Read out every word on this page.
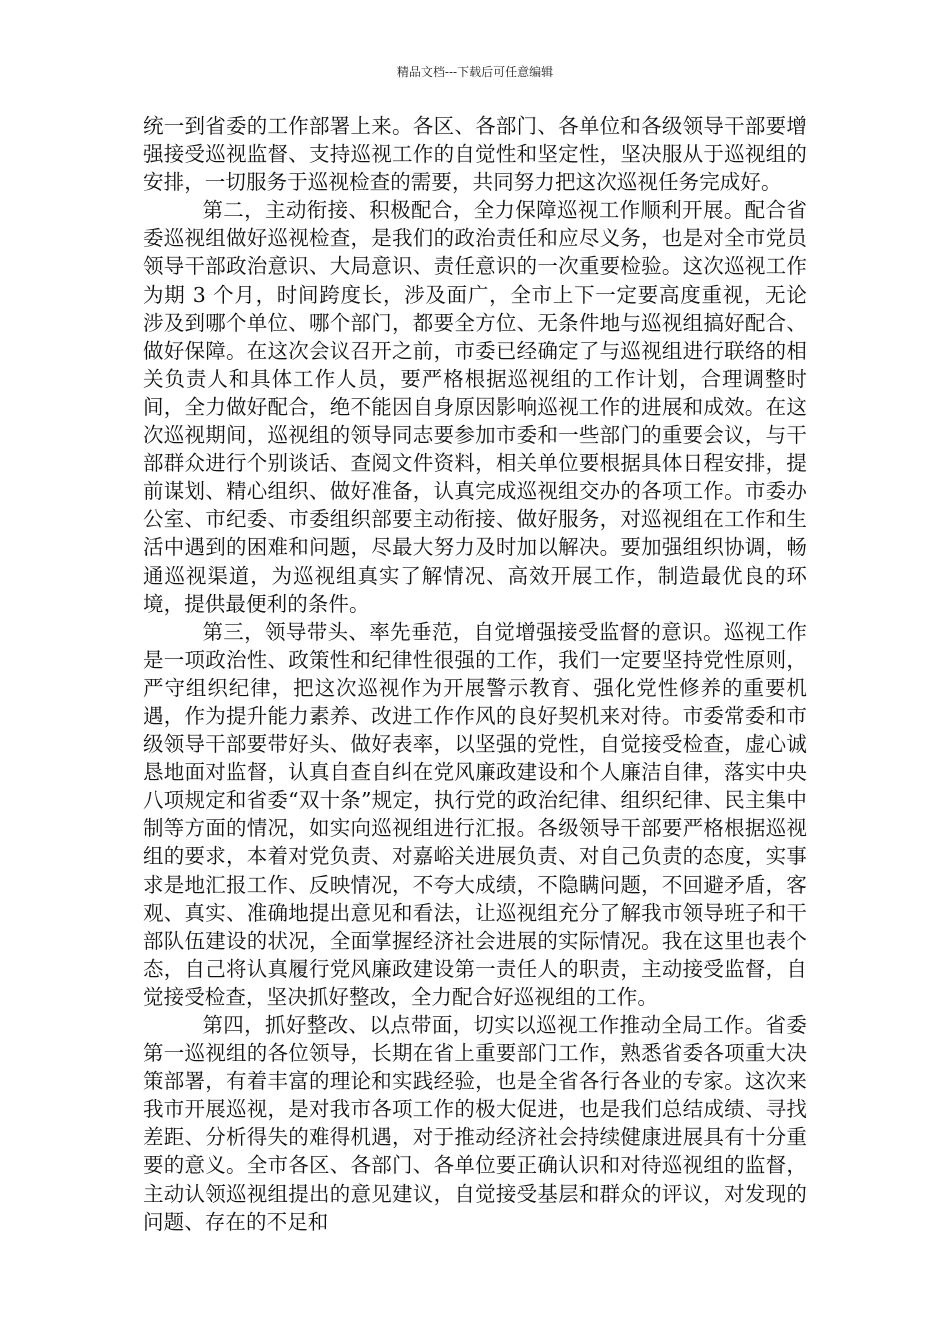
精品文档---下载后可任意编辑

统一到省委的工作部署上来。各区、各部门、各单位和各级领导干部要增强接受巡视监督、支持巡视工作的自觉性和坚定性，坚决服从于巡视组的安排，一切服务于巡视检查的需要，共同努力把这次巡视任务完成好。

第二，主动衔接、积极配合，全力保障巡视工作顺利开展。配合省委巡视组做好巡视检查，是我们的政治责任和应尽义务，也是对全市党员领导干部政治意识、大局意识、责任意识的一次重要检验。这次巡视工作为期 3 个月，时间跨度长，涉及面广，全市上下一定要高度重视，无论涉及到哪个单位、哪个部门，都要全方位、无条件地与巡视组搞好配合、做好保障。在这次会议召开之前，市委已经确定了与巡视组进行联络的相关负责人和具体工作人员，要严格根据巡视组的工作计划，合理调整时间，全力做好配合，绝不能因自身原因影响巡视工作的进展和成效。在这次巡视期间，巡视组的领导同志要参加市委和一些部门的重要会议，与干部群众进行个别谈话、查阅文件资料，相关单位要根据具体日程安排，提前谋划、精心组织、做好准备，认真完成巡视组交办的各项工作。市委办公室、市纪委、市委组织部要主动衔接、做好服务，对巡视组在工作和生活中遇到的困难和问题，尽最大努力及时加以解决。要加强组织协调，畅通巡视渠道，为巡视组真实了解情况、高效开展工作，制造最优良的环境，提供最便利的条件。

第三，领导带头、率先垂范，自觉增强接受监督的意识。巡视工作是一项政治性、政策性和纪律性很强的工作，我们一定要坚持党性原则，严守组织纪律，把这次巡视作为开展警示教育、强化党性修养的重要机遇，作为提升能力素养、改进工作作风的良好契机来对待。市委常委和市级领导干部要带好头、做好表率，以坚强的党性，自觉接受检查，虚心诚恳地面对监督，认真自查自纠在党风廉政建设和个人廉洁自律，落实中央八项规定和省委“双十条”规定，执行党的政治纪律、组织纪律、民主集中制等方面的情况，如实向巡视组进行汇报。各级领导干部要严格根据巡视组的要求，本着对党负责、对嘉峪关进展负责、对自己负责的态度，实事求是地汇报工作、反映情况，不夸大成绩，不隐瞒问题，不回避矛盾，客观、真实、准确地提出意见和看法，让巡视组充分了解我市领导班子和干部队伍建设的状况，全面掌握经济社会进展的实际情况。我在这里也表个态，自己将认真履行党风廉政建设第一责任人的职责，主动接受监督，自觉接受检查，坚决抓好整改，全力配合好巡视组的工作。

第四，抓好整改、以点带面，切实以巡视工作推动全局工作。省委第一巡视组的各位领导，长期在省上重要部门工作，熟悉省委各项重大决策部署，有着丰富的理论和实践经验，也是全省各行各业的专家。这次来我市开展巡视，是对我市各项工作的极大促进，也是我们总结成绩、寻找差距、分析得失的难得机遇，对于推动经济社会持续健康进展具有十分重要的意义。全市各区、各部门、各单位要正确认识和对待巡视组的监督，主动认领巡视组提出的意见建议，自觉接受基层和群众的评议，对发现的问题、存在的不足和
